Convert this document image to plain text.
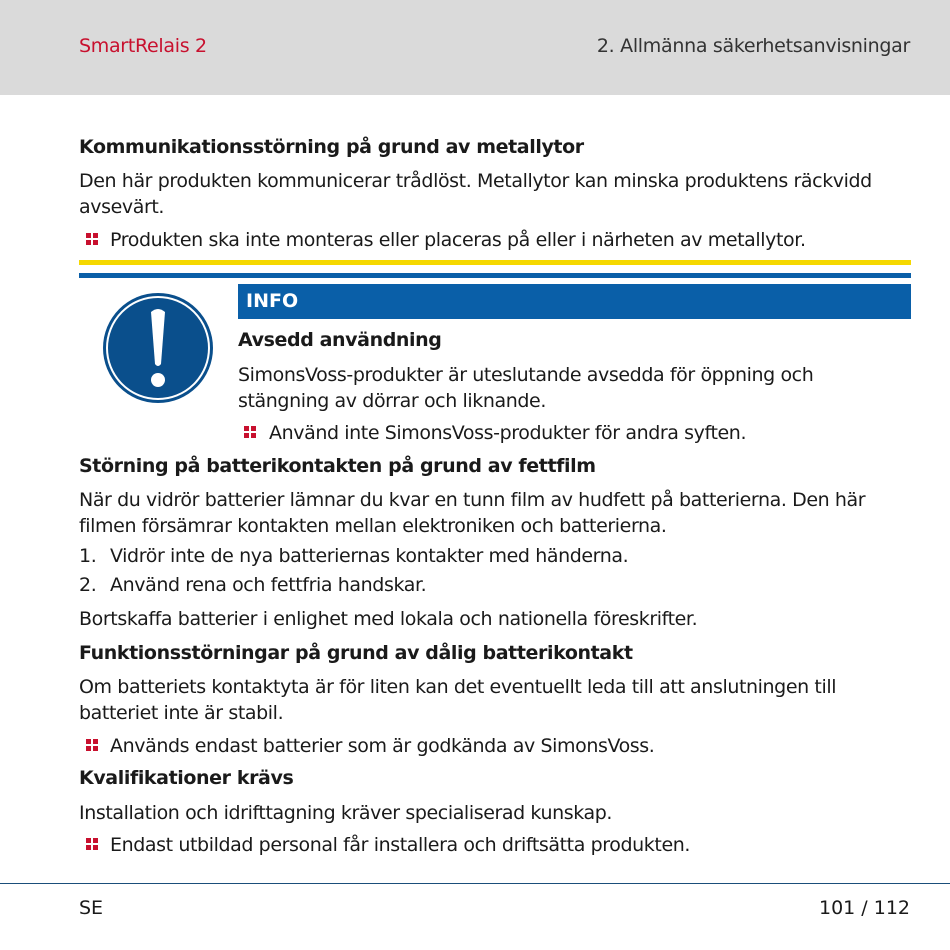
SmartRelais 2	2. Allmänna säkerhetsanvisningar
Kommunikationsstörning på grund av metallytor
Den här produkten kommunicerar trådlöst. Metallytor kan minska produktens räckvidd avsevärt.
Produkten ska inte monteras eller placeras på eller i närheten av metallytor.
INFO
Avsedd användning
SimonsVoss-produkter är uteslutande avsedda för öppning och stängning av dörrar och liknande.
Använd inte SimonsVoss-produkter för andra syften.
Störning på batterikontakten på grund av fettfilm
När du vidrör batterier lämnar du kvar en tunn film av hudfett på batterierna. Den här filmen försämrar kontakten mellan elektroniken och batterierna.
1. Vidrör inte de nya batteriernas kontakter med händerna.
2. Använd rena och fettfria handskar.
Bortskaffa batterier i enlighet med lokala och nationella föreskrifter.
Funktionsstörningar på grund av dålig batterikontakt
Om batteriets kontaktyta är för liten kan det eventuellt leda till att anslutningen till batteriet inte är stabil.
Används endast batterier som är godkända av SimonsVoss.
Kvalifikationer krävs
Installation och idrifttagning kräver specialiserad kunskap.
Endast utbildad personal får installera och driftsätta produkten.
SE	101 / 112
